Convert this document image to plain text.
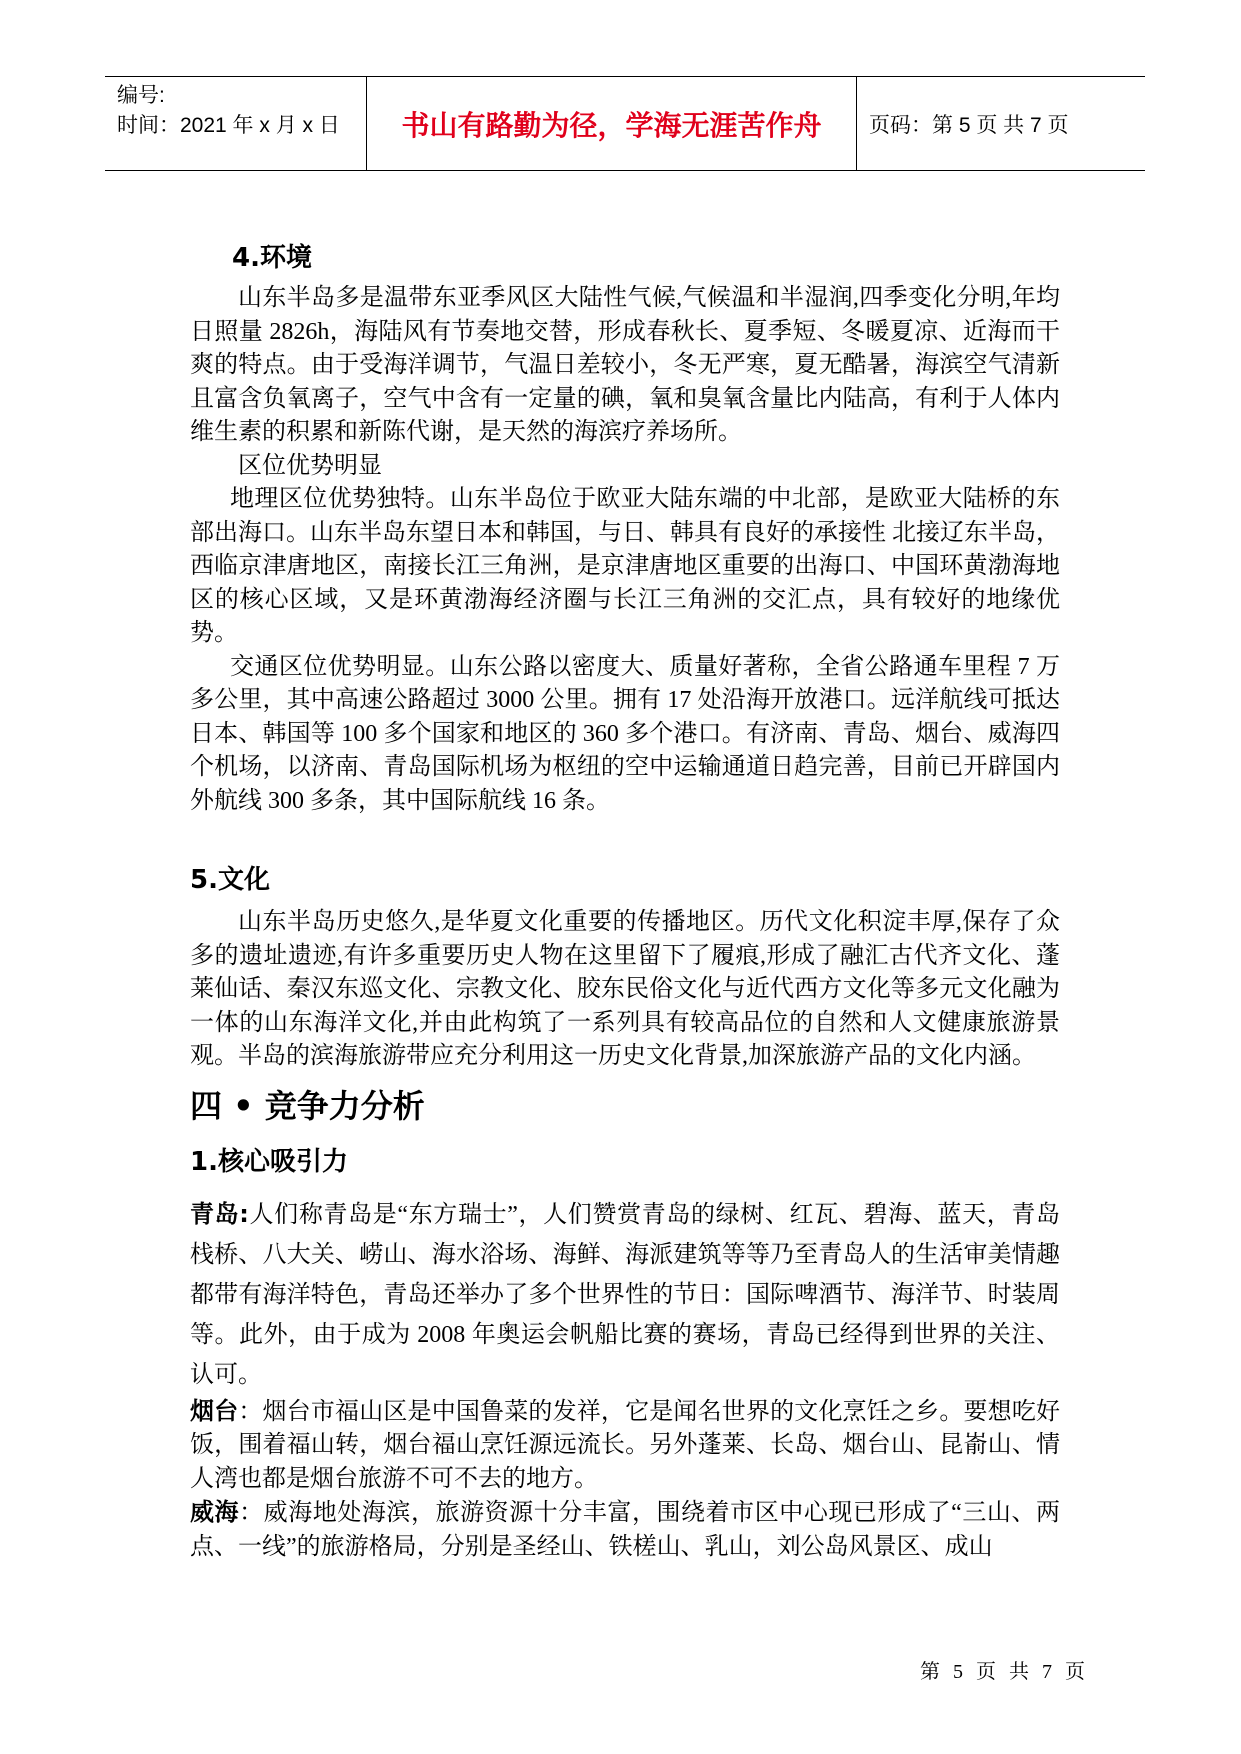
编号:
时间：2021 年 x 月 x 日	书山有路勤为径，学海无涯苦作舟	页码：第 5 页 共 7 页
4.环境

山东半岛多是温带东亚季风区大陆性气候,气候温和半湿润,四季变化分明,年均日照量 2826h，海陆风有节奏地交替，形成春秋长、夏季短、冬暖夏凉、近海而干爽的特点。由于受海洋调节，气温日差较小，冬无严寒，夏无酷暑，海滨空气清新且富含负氧离子，空气中含有一定量的碘，氧和臭氧含量比内陆高，有利于人体内维生素的积累和新陈代谢，是天然的海滨疗养场所。

区位优势明显

地理区位优势独特。山东半岛位于欧亚大陆东端的中北部，是欧亚大陆桥的东部出海口。山东半岛东望日本和韩国，与日、韩具有良好的承接性 北接辽东半岛，西临京津唐地区，南接长江三角洲，是京津唐地区重要的出海口、中国环黄渤海地区的核心区域，又是环黄渤海经济圈与长江三角洲的交汇点，具有较好的地缘优势。

交通区位优势明显。山东公路以密度大、质量好著称，全省公路通车里程 7 万多公里，其中高速公路超过 3000 公里。拥有 17 处沿海开放港口。远洋航线可抵达日本、韩国等 100 多个国家和地区的 360 多个港口。有济南、青岛、烟台、威海四个机场，以济南、青岛国际机场为枢纽的空中运输通道日趋完善，目前已开辟国内外航线 300 多条，其中国际航线 16 条。

5.文化

山东半岛历史悠久,是华夏文化重要的传播地区。历代文化积淀丰厚,保存了众多的遗址遗迹,有许多重要历史人物在这里留下了履痕,形成了融汇古代齐文化、蓬莱仙话、秦汉东巡文化、宗教文化、胶东民俗文化与近代西方文化等多元文化融为一体的山东海洋文化,并由此构筑了一系列具有较高品位的自然和人文健康旅游景观。半岛的滨海旅游带应充分利用这一历史文化背景,加深旅游产品的文化内涵。

四 • 竞争力分析
1.核心吸引力

青岛:人们称青岛是“东方瑞士”，人们赞赏青岛的绿树、红瓦、碧海、蓝天，青岛栈桥、八大关、崂山、海水浴场、海鲜、海派建筑等等乃至青岛人的生活审美情趣都带有海洋特色，青岛还举办了多个世界性的节日：国际啤酒节、海洋节、时装周等。此外，由于成为 2008 年奥运会帆船比赛的赛场，青岛已经得到世界的关注、认可。

烟台：烟台市福山区是中国鲁菜的发祥，它是闻名世界的文化烹饪之乡。要想吃好饭，围着福山转，烟台福山烹饪源远流长。另外蓬莱、长岛、烟台山、昆嵛山、情人湾也都是烟台旅游不可不去的地方。

威海：威海地处海滨，旅游资源十分丰富，围绕着市区中心现已形成了“三山、两点、一线”的旅游格局，分别是圣经山、铁槎山、乳山，刘公岛风景区、成山

第 5 页 共 7 页
